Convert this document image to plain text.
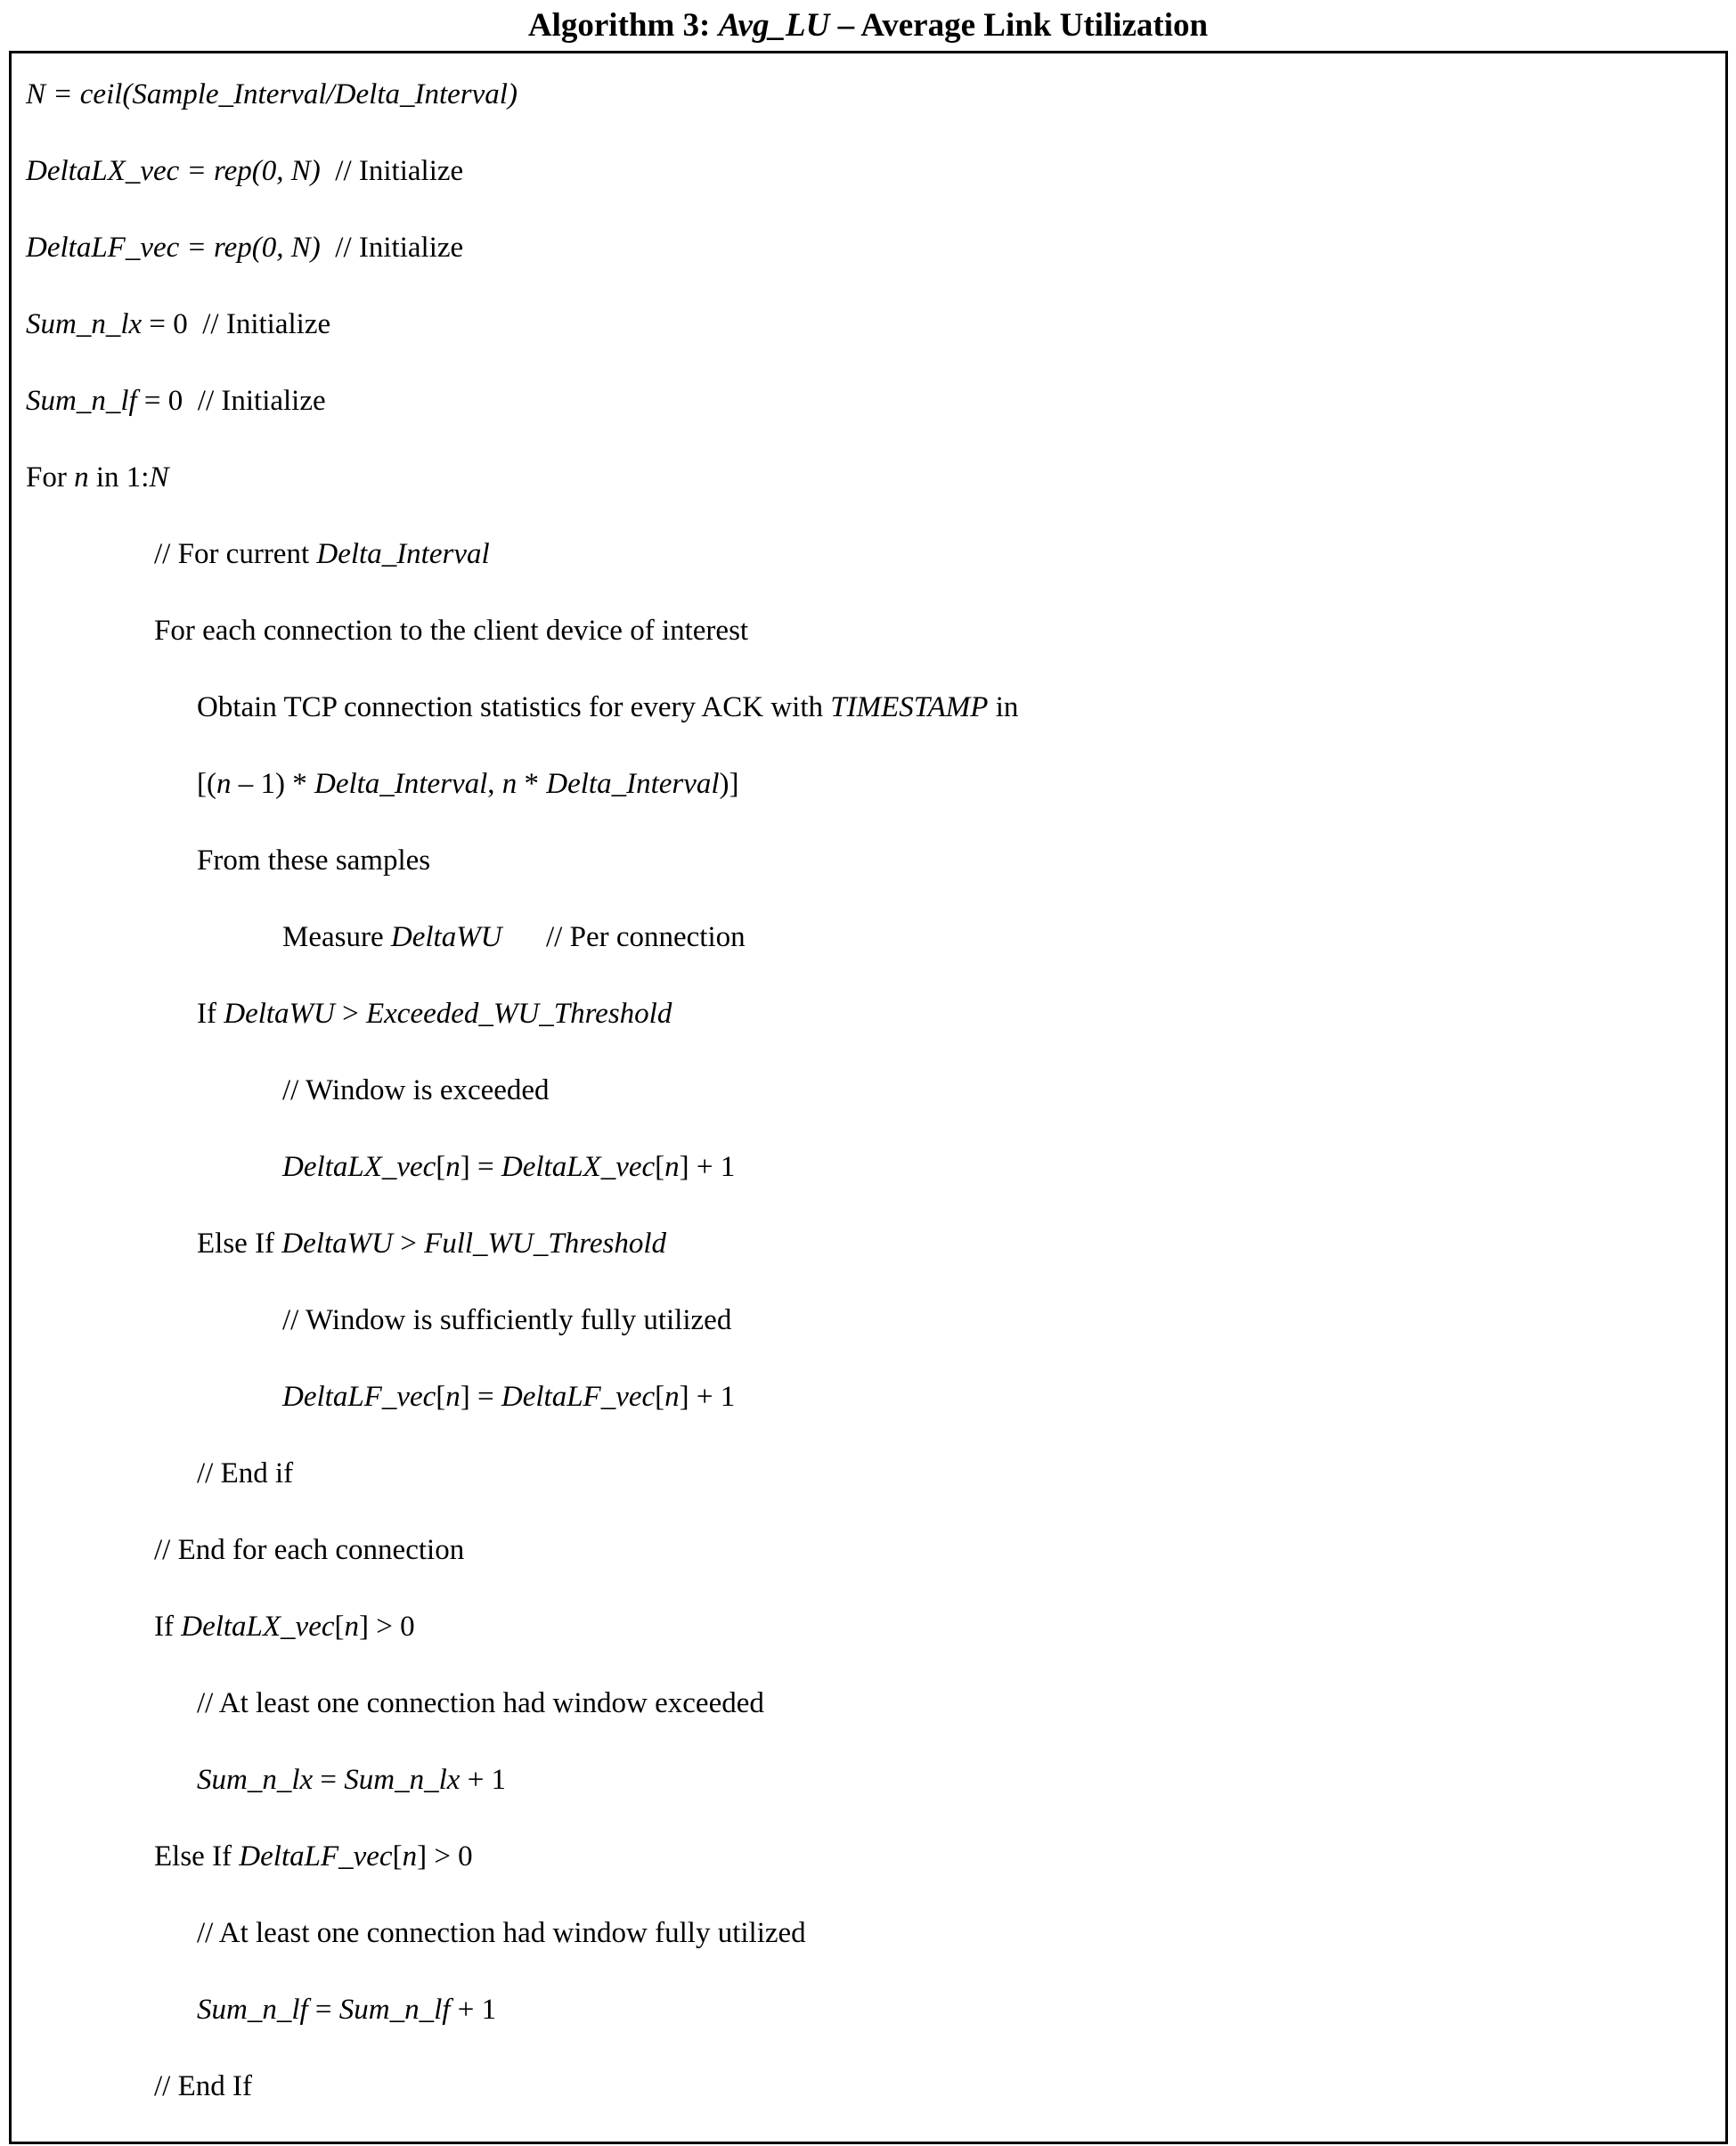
Algorithm 3: Avg_LU – Average Link Utilization
N = ceil(Sample_Interval/Delta_Interval)
DeltaLX_vec = rep(0, N)  // Initialize
DeltaLF_vec = rep(0, N)  // Initialize
Sum_n_lx = 0  // Initialize
Sum_n_lf = 0  // Initialize
For n in 1:N
// For current Delta_Interval
For each connection to the client device of interest
Obtain TCP connection statistics for every ACK with TIMESTAMP in
[(n – 1) * Delta_Interval, n * Delta_Interval)]
From these samples
Measure DeltaWU      // Per connection
If DeltaWU > Exceeded_WU_Threshold
// Window is exceeded
DeltaLX_vec[n] = DeltaLX_vec[n] + 1
Else If DeltaWU > Full_WU_Threshold
// Window is sufficiently fully utilized
DeltaLF_vec[n] = DeltaLF_vec[n] + 1
// End if
// End for each connection
If DeltaLX_vec[n] > 0
// At least one connection had window exceeded
Sum_n_lx = Sum_n_lx + 1
Else If DeltaLF_vec[n] > 0
// At least one connection had window fully utilized
Sum_n_lf = Sum_n_lf + 1
// End If
